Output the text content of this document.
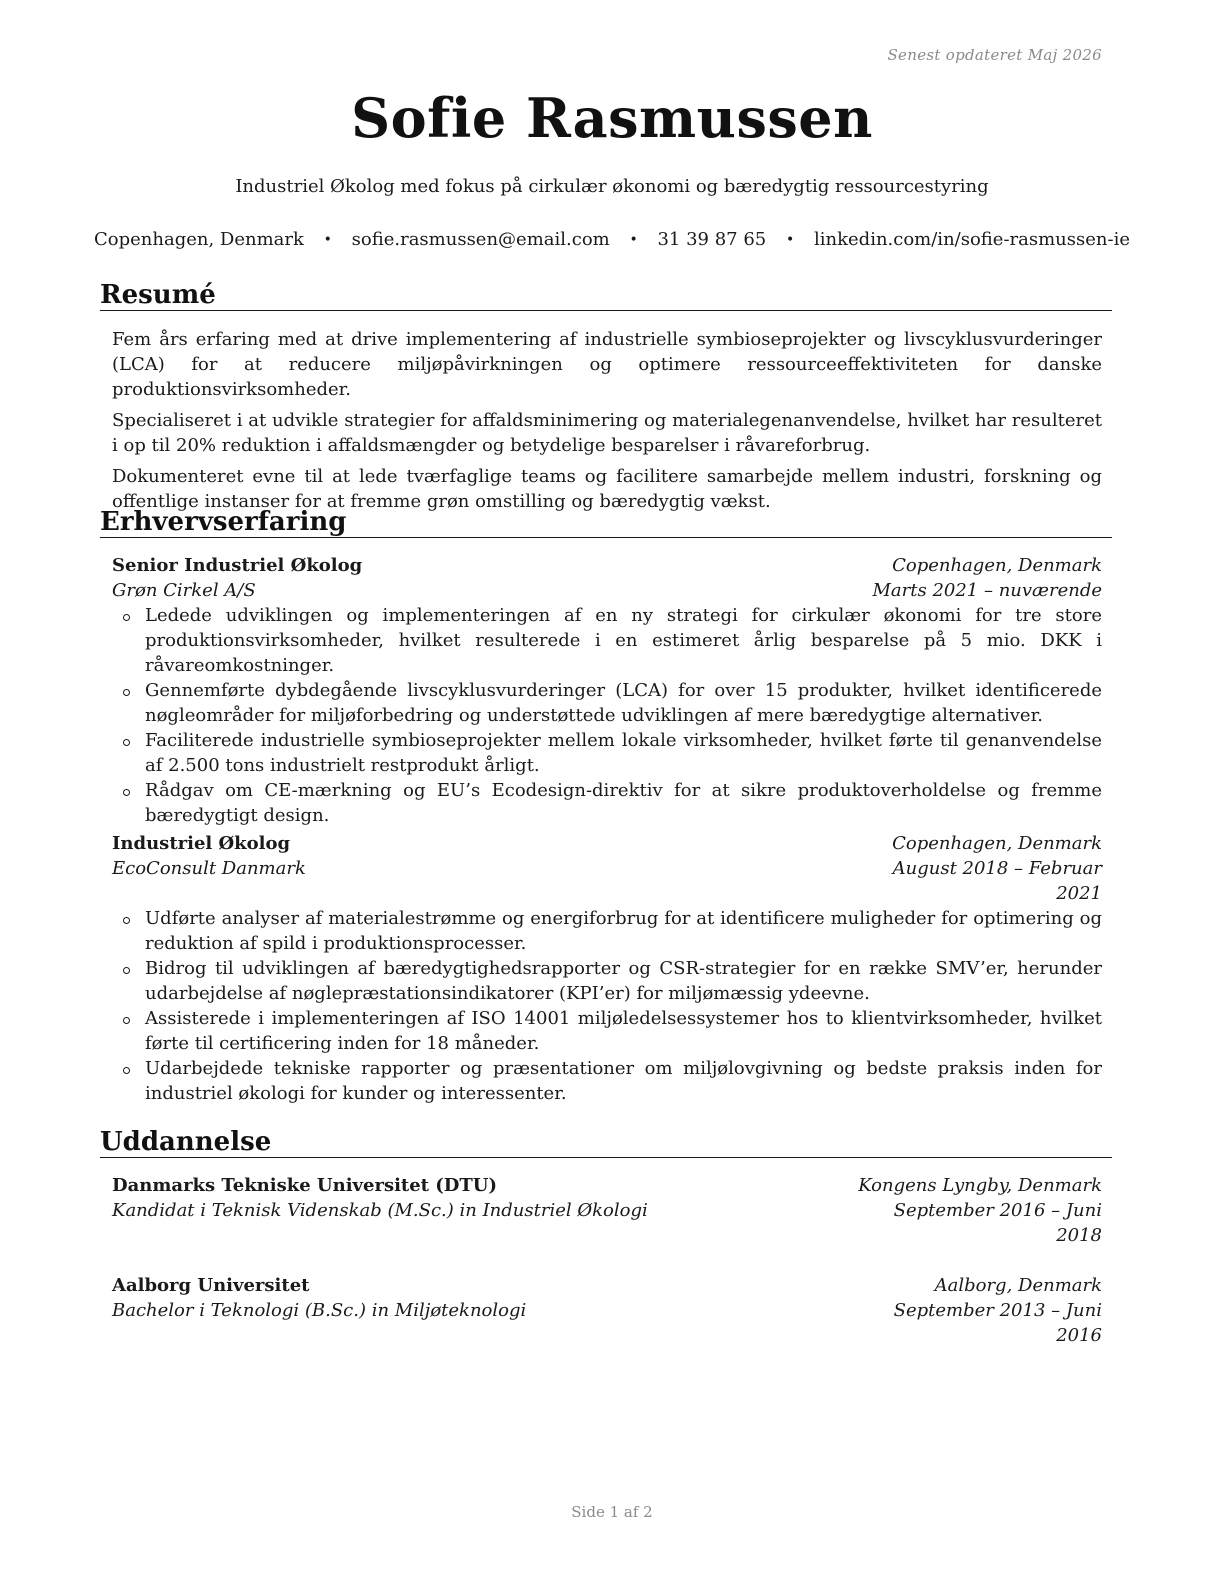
Senest opdateret Maj 2026
Sofie Rasmussen
Industriel Økolog med fokus på cirkulær økonomi og bæredygtig ressourcestyring
Copenhagen, Denmark • sofie.rasmussen@email.com • 31 39 87 65 • linkedin.com/in/sofie-rasmussen-ie
Resumé

Fem års erfaring med at drive implementering af industrielle symbioseprojekter og livscyklusvurderinger (LCA) for at reducere miljøpåvirkningen og optimere ressourceeffektiviteten for danske produktionsvirksomheder.

Specialiseret i at udvikle strategier for affaldsminimering og materialegenanvendelse, hvilket har resulteret i op til 20% reduktion i affaldsmængder og betydelige besparelser i råvareforbrug.

Dokumenteret evne til at lede tværfaglige teams og facilitere samarbejde mellem industri, forskning og offentlige instanser for at fremme grøn omstilling og bæredygtig vækst.

Erhvervserfaring
Senior Industriel Økolog	Copenhagen, Denmark
Grøn Cirkel A/S	Marts 2021 – nuværende
Ledede udviklingen og implementeringen af en ny strategi for cirkulær økonomi for tre store produktionsvirksomheder, hvilket resulterede i en estimeret årlig besparelse på 5 mio. DKK i råvareomkostninger.
Gennemførte dybdegående livscyklusvurderinger (LCA) for over 15 produkter, hvilket identificerede nøgleområder for miljøforbedring og understøttede udviklingen af mere bæredygtige alternativer.
Faciliterede industrielle symbioseprojekter mellem lokale virksomheder, hvilket førte til genanvendelse af 2.500 tons industrielt restprodukt årligt.
Rådgav om CE-mærkning og EU’s Ecodesign-direktiv for at sikre produktoverholdelse og fremme bæredygtigt design.
Industriel Økolog	Copenhagen, Denmark
EcoConsult Danmark	August 2018 – Februar 2021
Udførte analyser af materialestrømme og energiforbrug for at identificere muligheder for optimering og reduktion af spild i produktionsprocesser.
Bidrog til udviklingen af bæredygtighedsrapporter og CSR-strategier for en række SMV’er, herunder udarbejdelse af nøglepræstationsindikatorer (KPI’er) for miljømæssig ydeevne.
Assisterede i implementeringen af ISO 14001 miljøledelsessystemer hos to klientvirksomheder, hvilket førte til certificering inden for 18 måneder.
Udarbejdede tekniske rapporter og præsentationer om miljølovgivning og bedste praksis inden for industriel økologi for kunder og interessenter.
Uddannelse
Danmarks Tekniske Universitet (DTU)	Kongens Lyngby, Denmark
Kandidat i Teknisk Videnskab (M.Sc.) in Industriel Økologi	September 2016 – Juni 2018
Aalborg Universitet	Aalborg, Denmark
Bachelor i Teknologi (B.Sc.) in Miljøteknologi	September 2013 – Juni 2016
Side 1 af 2
